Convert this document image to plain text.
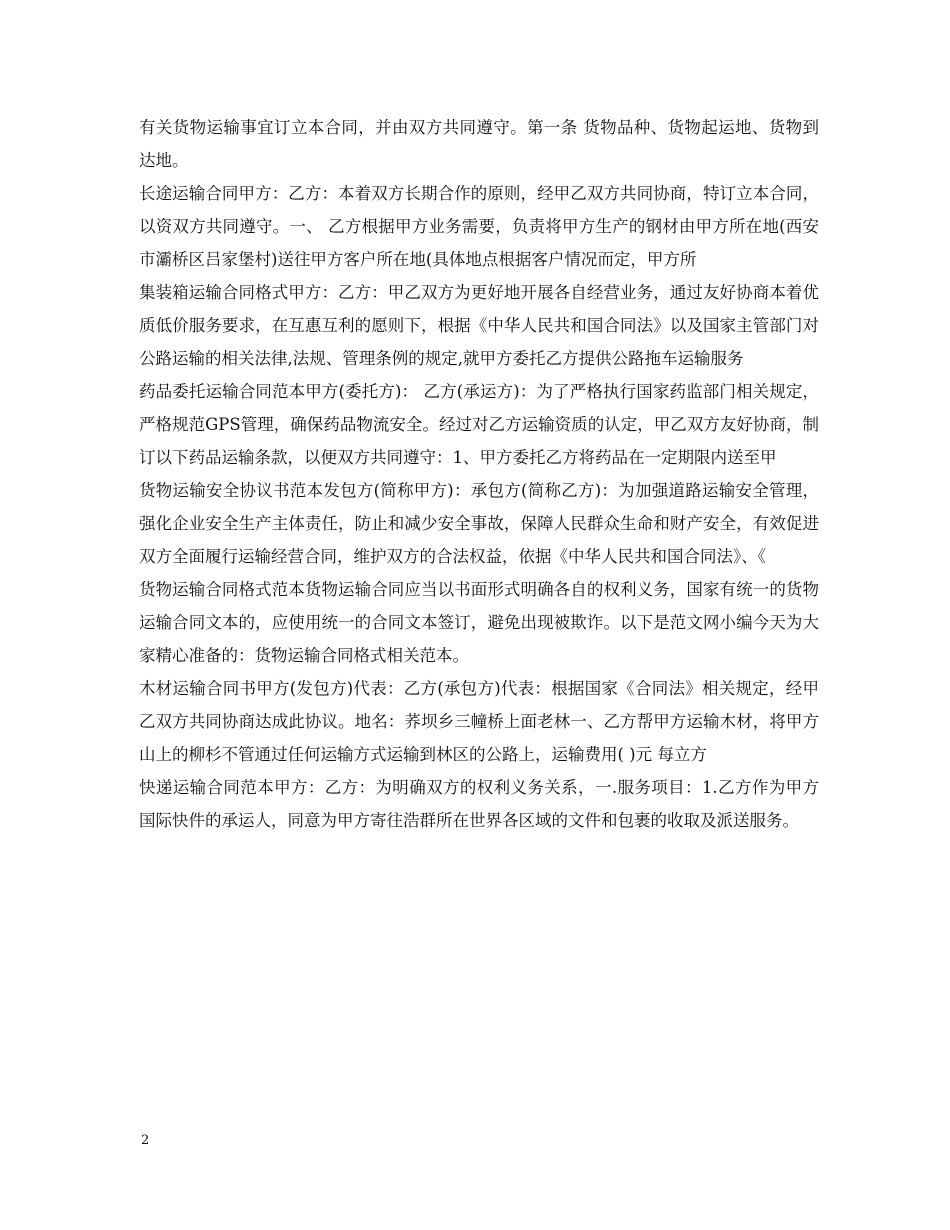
有关货物运输事宜订立本合同，并由双方共同遵守。第一条 货物品种、货物起运地、货物到达地。

长途运输合同甲方：乙方：本着双方长期合作的原则，经甲乙双方共同协商，特订立本合同，以资双方共同遵守。一、 乙方根据甲方业务需要，负责将甲方生产的钢材由甲方所在地(西安市灞桥区吕家堡村)送往甲方客户所在地(具体地点根据客户情况而定，甲方所

集装箱运输合同格式甲方：乙方：甲乙双方为更好地开展各自经营业务，通过友好协商本着优质低价服务要求，在互惠互利的愿则下，根据《中华人民共和国合同法》以及国家主管部门对公路运输的相关法律,法规、管理条例的规定,就甲方委托乙方提供公路拖车运输服务

药品委托运输合同范本甲方(委托方)： 乙方(承运方)：为了严格执行国家药监部门相关规定，严格规范GPS管理，确保药品物流安全。经过对乙方运输资质的认定，甲乙双方友好协商，制订以下药品运输条款，以便双方共同遵守：1、甲方委托乙方将药品在一定期限内送至甲

货物运输安全协议书范本发包方(简称甲方)：承包方(简称乙方)：为加强道路运输安全管理，强化企业安全生产主体责任，防止和减少安全事故，保障人民群众生命和财产安全，有效促进双方全面履行运输经营合同，维护双方的合法权益，依据《中华人民共和国合同法》、《

货物运输合同格式范本货物运输合同应当以书面形式明确各自的权利义务，国家有统一的货物运输合同文本的，应使用统一的合同文本签订，避免出现被欺诈。以下是范文网小编今天为大家精心准备的：货物运输合同格式相关范本。

木材运输合同书甲方(发包方)代表：乙方(承包方)代表：根据国家《合同法》相关规定，经甲乙双方共同协商达成此协议。地名：荞坝乡三幢桥上面老林一、乙方帮甲方运输木材，将甲方山上的柳杉不管通过任何运输方式运输到林区的公路上，运输费用( )元 每立方

快递运输合同范本甲方：乙方：为明确双方的权利义务关系，一.服务项目：1.乙方作为甲方国际快件的承运人，同意为甲方寄往浩群所在世界各区域的文件和包裹的收取及派送服务。

2
